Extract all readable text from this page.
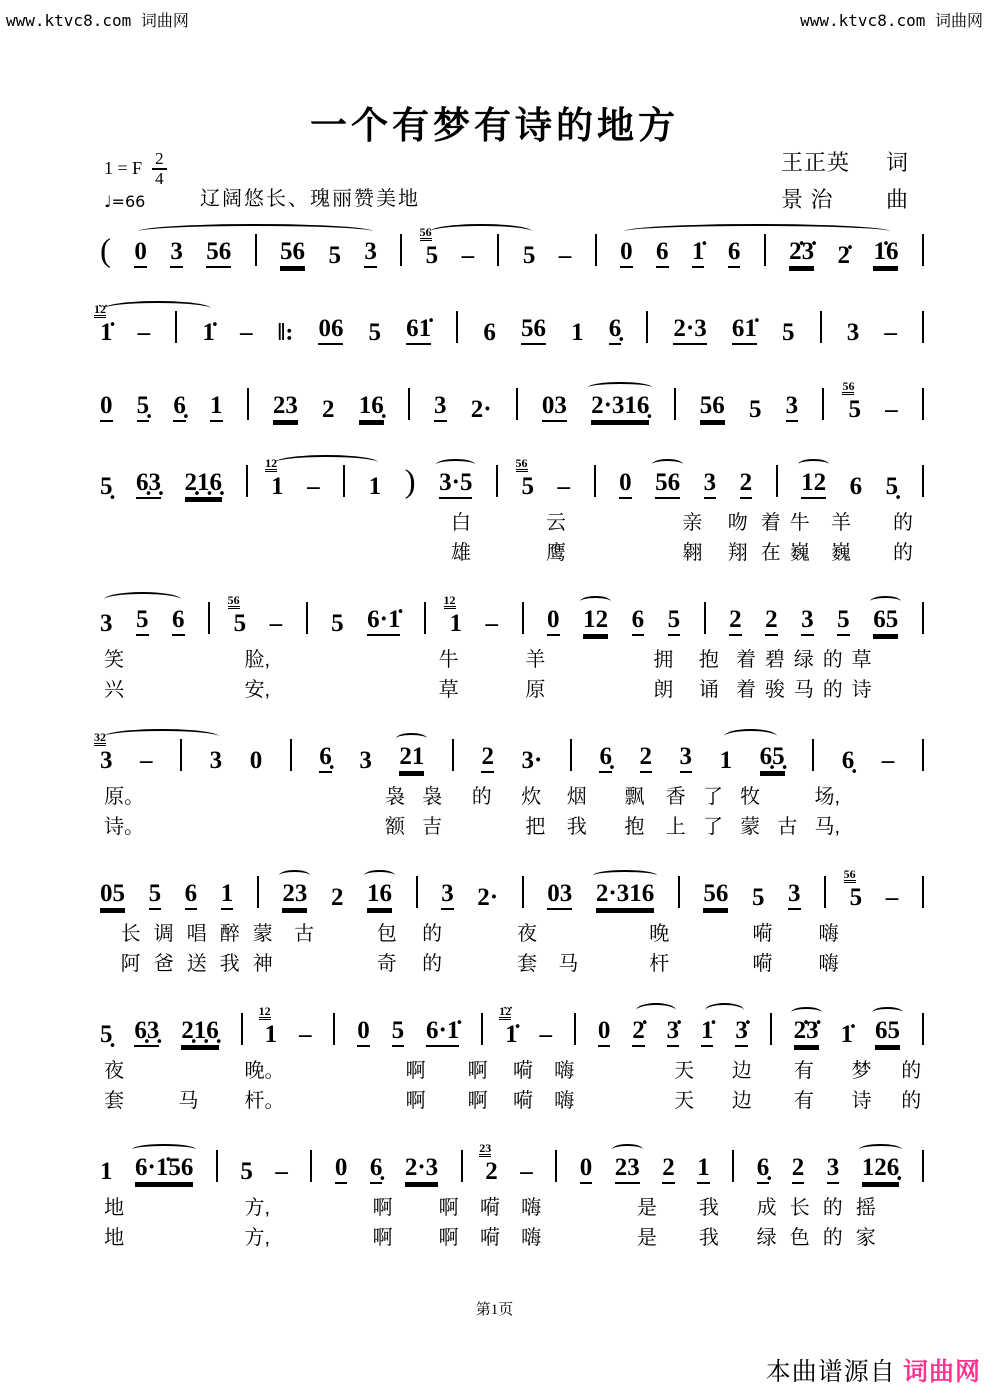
www.ktvc8.com 词曲网	www.ktvc8.com 词曲网
一个有梦有诗的地方
王正英 词
景 治 曲
1 = F $\frac{2}{4}$
♩=66	辽阔悠长、瑰丽赞美地
( 0 3 56 56 5 3 5
56
– 5 – 0 6 1̇ 6 2̇3̇ 2̇ 1̇6
1̇
1̇2̇
– 1̇ – ‖: 06 5 61̇ 6 56 1 6̣ 2·3 61̇ 5 3 –
0 5̣ 6̣ 1 23 2 16̣ 3 2· 03 2·316̣ 56 5 3 5
56
–
5̣ 6̣3̣ 2̣1̣6̣ 1
12
– 1 ) 3·5 5
56
– 0 56 3 2 12 6 5̣
白	云	亲 吻 着 牛 羊 的
雄	鹰	翱 翔 在 巍 巍 的
3 5 6 5
56
– 5 6·1̇ 1
12
– 0 12 6 5 2 2 3 5 65
笑	脸,	牛	羊	拥 抱 着 碧 绿 的 草
兴	安,	草	原	朗 诵 着 骏 马 的 诗
3
32
– 3 0 6̣ 3 21 2 3· 6̣ 2 3 1 6̣5̣ 6̣ –
原。	袅 袅 的 炊 烟 飘 香 了 牧	场,
诗。	额 吉	把 我 抱 上 了 蒙 古 马,
05 5 6 1 23 2 16 3 2· 03 2·316 56 5 3 5
56
–
长 调 唱 醉 蒙 古	包 的	夜	晚	嗬 嗨
阿 爸 送 我 神	奇 的	套 马	杆	嗬 嗨
5̣ 6̣3̣ 2̣1̣6̣ 1
12
– 0 5 6·1̇ 1̇
1̇2̇
– 0 2̇ 3̇ 1̇ 3̇ 2̇3̇ 1̇ 65
夜	晚。	啊 啊 嗬 嗨	天 边 有 梦 的
套	马 杆。	啊 啊 嗬 嗨	天 边 有 诗 的
1 6·1̇56 5 – 0 6̣ 2·3 2
23
– 0 23 2 1 6̣ 2 3 126̣
地	方,	啊 啊 嗬 嗨	是 我 成 长 的 摇
地	方,	啊 啊 嗬 嗨	是 我 绿 色 的 家
第1页
本曲谱源自 词曲网
